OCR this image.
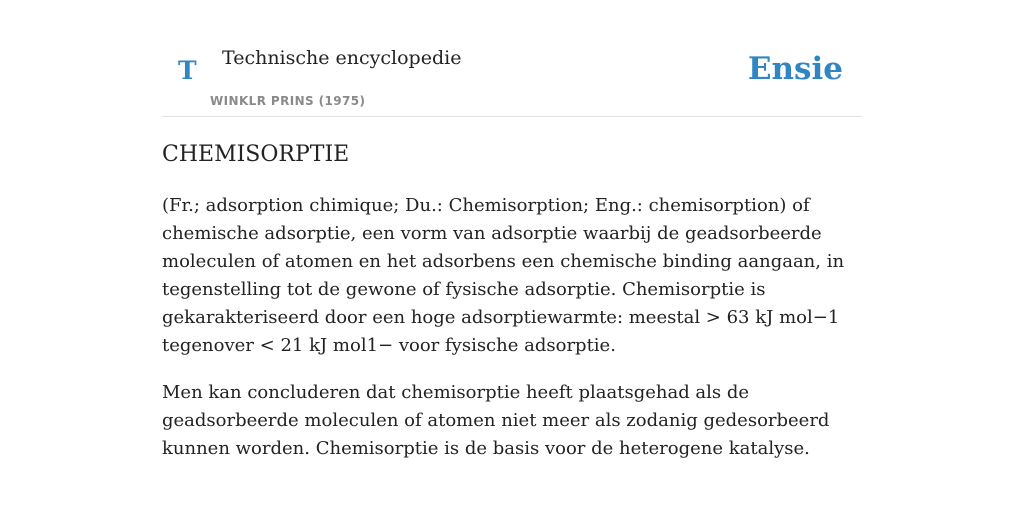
T Technische encyclopedie
WINKLR PRINS (1975)
Ensie
CHEMISORPTIE

(Fr.; adsorption chimique; Du.: Chemisorption; Eng.: chemisorption) of chemische adsorptie, een vorm van adsorptie waarbij de geadsorbeerde moleculen of atomen en het adsorbens een chemische binding aangaan, in tegenstelling tot de gewone of fysische adsorptie. Chemisorptie is gekarakteriseerd door een hoge adsorptiewarmte: meestal > 63 kJ mol−1 tegenover < 21 kJ mol1− voor fysische adsorptie.

Men kan concluderen dat chemisorptie heeft plaatsgehad als de geadsorbeerde moleculen of atomen niet meer als zodanig gedesorbeerd kunnen worden. Chemisorptie is de basis voor de heterogene katalyse.
